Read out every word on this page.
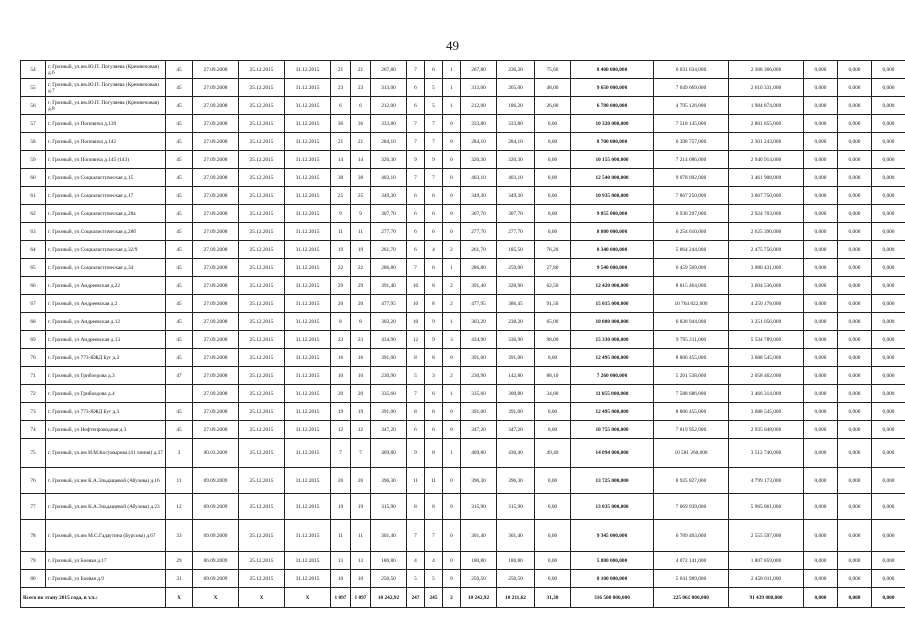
49
54	г. Грозный, ул.им.Ю.П. Погуляева (Кремнечовая) д.6	45	27.09.2008	25.12.2015	31.12.2015	21	21	267,80	7	6	1	267,80	236,20	75,60	8 400 000,000	6 031 634,000	2 368 366,000	0,000	0,000	0,000
55	г. Грозный, ул.им.Ю.П. Погуляева (Кремнечовая) д.7	45	27.09.2008	25.12.2015	31.12.2015	23	23	313,00	6	5	1	313,00	265,00	48,00	9 650 000,000	7 049 669,000	2 610 331,000	0,000	0,000	0,000
56	г. Грозный, ул.им.Ю.П. Погуляева (Кремнечовая) д.8	45	27.09.2008	25.12.2015	31.12.2015	6	6	212,00	6	5	1	212,00	186,20	26,80	6 780 000,000	4 795 126,000	1 984 874,000	0,000	0,000	0,000
57	г. Грозный, ул Поповича д.139	45	27.09.2008	25.12.2015	31.12.2015	36	36	333,80	7	7	0	333,80	333,80	0,00	10 320 000,000	7 518 145,000	2 801 855,000	0,000	0,000	0,000
58	г. Грозный, ул Поповича д.142	45	27.09.2008	25.12.2015	31.12.2015	21	21	284,10	7	7	0	284,10	284,10	0,00	8 700 000,000	6 398 757,000	2 301 243,000	0,000	0,000	0,000
59	г. Грозный, ул Поповича д.145 (143)	45	27.09.2008	25.12.2015	31.12.2015	14	14	320,30	9	9	0	320,30	320,30	0,00	10 155 000,000	7 214 086,000	2 940 914,000	0,000	0,000	0,000
60	г. Грозный, ул Социалистическая д.15	45	27.09.2008	25.12.2015	31.12.2015	38	38	403,10	7	7	0	403,10	403,10	0,00	12 540 000,000	9 078 092,000	3 461 908,000	0,000	0,000	0,000
61	г. Грозный, ул Социалистическая д.17	45	27.09.2008	25.12.2015	31.12.2015	25	25	349,30	6	6	0	349,30	349,30	0,00	10 935 000,000	7 867 250,000	3 067 750,000	0,000	0,000	0,000
62	г. Грозный, ул Социалистическая д.28а	45	27.09.2008	25.12.2015	31.12.2015	9	9	307,70	6	6	0	307,70	307,70	0,00	9 855 000,000	6 930 297,000	2 924 703,000	0,000	0,000	0,000
63	г. Грозный, ул Социалистическая д.28б	45	27.09.2008	25.12.2015	31.12.2015	11	11	277,70	6	6	0	277,70	277,70	0,00	8 880 000,000	6 254 610,000	2 625 390,000	0,000	0,000	0,000
64	г. Грозный, ул Социалистическая д.32/9	45	27.09.2008	25.12.2015	31.12.2015	19	19	261,70	6	4	2	261,70	185,50	76,20	8 340 000,000	5 864 244,000	2 475 756,000	0,000	0,000	0,000
65	г. Грозный, ул Социалистическая д.34	45	27.09.2008	25.12.2015	31.12.2015	22	22	286,80	7	6	1	286,80	259,00	27,80	9 540 000,000	6 459 569,000	3 080 431,000	0,000	0,000	0,000
66	г. Грозный, ул Андреевская д.22	45	27.09.2008	25.12.2015	31.12.2015	29	29	391,40	10	8	2	391,40	328,90	62,50	12 420 000,000	8 815 464,000	3 604 536,000	0,000	0,000	0,000
67	г. Грозный, ул Андреевская д.2	45	27.09.2008	25.12.2015	31.12.2015	20	20	477,95	10	8	2	477,95	386,45	91,50	15 015 000,000	10 764 822,000	4 250 178,000	0,000	0,000	0,000
68	г. Грозный, ул Андреевская д.12	45	27.09.2008	25.12.2015	31.12.2015	8	8	303,20	10	9	1	303,20	238,20	65,00	10 080 000,000	6 828 944,000	3 251 056,000	0,000	0,000	0,000
69	г. Грозный, ул Андреевская д.13	45	27.09.2008	25.12.2015	31.12.2015	23	23	434,90	12	9	3	434,90	336,90	98,00	15 330 000,000	9 795 211,000	5 534 789,000	0,000	0,000	0,000
70	г. Грозный, ул 773-ЯЖД Буг д.2	45	27.09.2008	25.12.2015	31.12.2015	16	16	391,00	8	8	0	391,00	391,00	0,00	12 495 000,000	8 806 455,000	3 688 545,000	0,000	0,000	0,000
71	г. Грозный, ул Грибоедова д.3	47	27.09.2008	25.12.2015	31.12.2015	10	10	230,90	5	3	2	230,90	142,80	88,10	7 260 000,000	5 201 538,000	2 058 462,000	0,000	0,000	0,000
72	г. Грозный, ул Грибоедова д.4		27.09.2008	25.12.2015	31.12.2015	20	20	335,60	7	6	1	335,60	300,80	34,80	11 055 000,000	7 588 686,000	3 466 314,000	0,000	0,000	0,000
73	г. Грозный, ул 773-ЯЖД Буг д.3	45	27.09.2008	25.12.2015	31.12.2015	19	19	391,00	8	8	0	391,00	391,00	0,00	12 495 000,000	8 806 455,000	3 688 545,000	0,000	0,000	0,000
74	г. Грозный, ул Нефтепроводная д.3	45	27.09.2008	25.12.2015	31.12.2015	12	12	347,20	6	6	0	347,20	347,20	0,00	10 755 000,000	7 819 952,000	2 935 048,000	0,000	0,000	0,000
75	г. Грозный, ул.им И.М.Косумырова (41 линия) д.37	3	00.03.2009	25.12.2015	31.12.2015	7	7	469,80	9	8	1	469,80	430,40	49,40	14 094 000,000	10 581 260,000	3 512 740,000	0,000	0,000	0,000
76	г. Грозный, ул.им К.А.Эльдащевой (Абузова) д.16	11	09.09.2009	25.12.2015	31.12.2015	26	26	396,30	11	11	0	396,30	396,30	0,00	13 725 000,000	8 925 827,000	4 799 173,000	0,000	0,000	0,000
77	г. Грозный, ул.им К.А.Эльдащевой (Абузова) д.23	12	09.09.2009	25.12.2015	31.12.2015	19	19	315,90	8	8	0	315,90	315,90	0,00	13 035 000,000	7 069 939,000	5 965 061,000	0,000	0,000	0,000
78	г. Грозный, ул.им М.С.Гадаутина (Бурсова) д.67	33	09.09.2009	25.12.2015	31.12.2015	11	11	301,40	7	7	0	301,40	301,40	0,00	9 345 000,000	6 789 403,000	2 555 597,000	0,000	0,000	0,000
79	г. Грозный, ул Боевая д.17	29	06.09.2009	25.12.2015	31.12.2015	13	13	180,80	4	4	0	180,80	180,80	0,00	5 880 000,000	4 072 141,000	1 807 859,000	0,000	0,000	0,000
80	г. Грозный, ул Боевая д.9	31	09.09.2009	25.12.2015	31.12.2015	10	10	250,50	5	5	0	250,50	250,50	0,00	8 100 000,000	5 641 989,000	2 458 011,000	0,000	0,000	0,000
Всего по этапу 2015 года, в т.ч.:		X	X	X	X	1 097	1 097	10 242,92	247	245	2	10 242,92	10 211,62	31,30	316 500 000,000	225 061 000,000	91 439 000,000	0,000	0,000	0,000
